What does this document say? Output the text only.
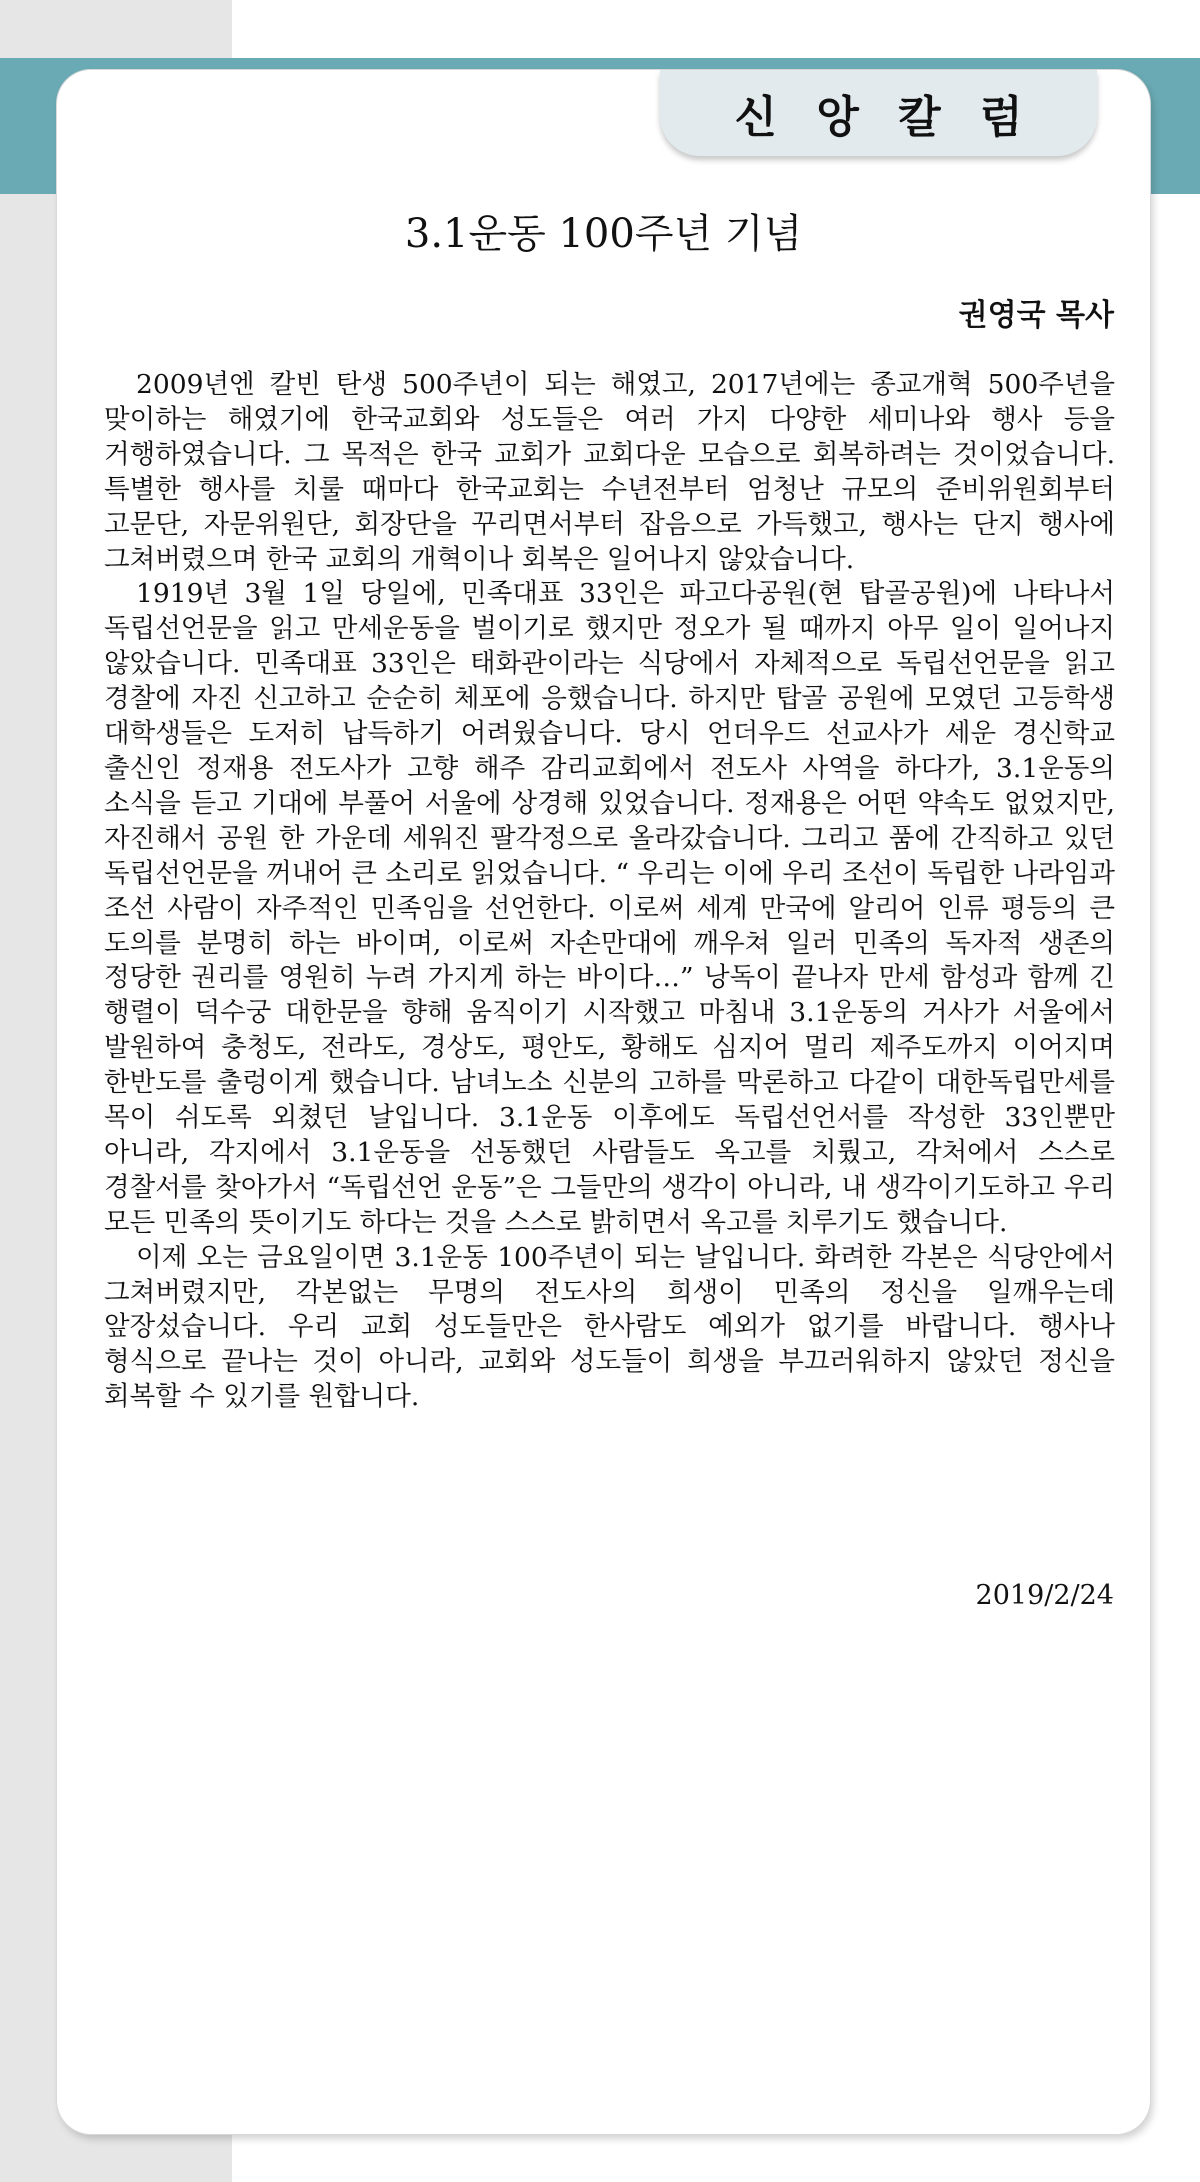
신 앙 칼 럼
3.1운동 100주년 기념
권영국 목사

2009년엔 칼빈 탄생 500주년이 되는 해였고, 2017년에는 종교개혁 500주년을 맞이하는 해였기에 한국교회와 성도들은 여러 가지 다양한 세미나와 행사 등을 거행하였습니다. 그 목적은 한국 교회가 교회다운 모습으로 회복하려는 것이었습니다. 특별한 행사를 치룰 때마다 한국교회는 수년전부터 엄청난 규모의 준비위원회부터 고문단, 자문위원단, 회장단을 꾸리면서부터 잡음으로 가득했고, 행사는 단지 행사에 그쳐버렸으며 한국 교회의 개혁이나 회복은 일어나지 않았습니다.

1919년 3월 1일 당일에, 민족대표 33인은 파고다공원(현 탑골공원)에 나타나서 독립선언문을 읽고 만세운동을 벌이기로 했지만 정오가 될 때까지 아무 일이 일어나지 않았습니다. 민족대표 33인은 태화관이라는 식당에서 자체적으로 독립선언문을 읽고 경찰에 자진 신고하고 순순히 체포에 응했습니다. 하지만 탑골 공원에 모였던 고등학생 대학생들은 도저히 납득하기 어려웠습니다. 당시 언더우드 선교사가 세운 경신학교 출신인 정재용 전도사가 고향 해주 감리교회에서 전도사 사역을 하다가, 3.1운동의 소식을 듣고 기대에 부풀어 서울에 상경해 있었습니다. 정재용은 어떤 약속도 없었지만, 자진해서 공원 한 가운데 세워진 팔각정으로 올라갔습니다. 그리고 품에 간직하고 있던 독립선언문을 꺼내어 큰 소리로 읽었습니다. “ 우리는 이에 우리 조선이 독립한 나라임과 조선 사람이 자주적인 민족임을 선언한다. 이로써 세계 만국에 알리어 인류 평등의 큰 도의를 분명히 하는 바이며, 이로써 자손만대에 깨우쳐 일러 민족의 독자적 생존의 정당한 권리를 영원히 누려 가지게 하는 바이다…” 낭독이 끝나자 만세 함성과 함께 긴 행렬이 덕수궁 대한문을 향해 움직이기 시작했고 마침내 3.1운동의 거사가 서울에서 발원하여 충청도, 전라도, 경상도, 평안도, 황해도 심지어 멀리 제주도까지 이어지며 한반도를 출렁이게 했습니다. 남녀노소 신분의 고하를 막론하고 다같이 대한독립만세를 목이 쉬도록 외쳤던 날입니다. 3.1운동 이후에도 독립선언서를 작성한 33인뿐만 아니라, 각지에서 3.1운동을 선동했던 사람들도 옥고를 치뤘고, 각처에서 스스로 경찰서를 찾아가서 “독립선언 운동”은 그들만의 생각이 아니라, 내 생각이기도하고 우리 모든 민족의 뜻이기도 하다는 것을 스스로 밝히면서 옥고를 치루기도 했습니다.

이제 오는 금요일이면 3.1운동 100주년이 되는 날입니다. 화려한 각본은 식당안에서 그쳐버렸지만, 각본없는 무명의 전도사의 희생이 민족의 정신을 일깨우는데 앞장섰습니다. 우리 교회 성도들만은 한사람도 예외가 없기를 바랍니다. 행사나 형식으로 끝나는 것이 아니라, 교회와 성도들이 희생을 부끄러워하지 않았던 정신을 회복할 수 있기를 원합니다.

2019/2/24
